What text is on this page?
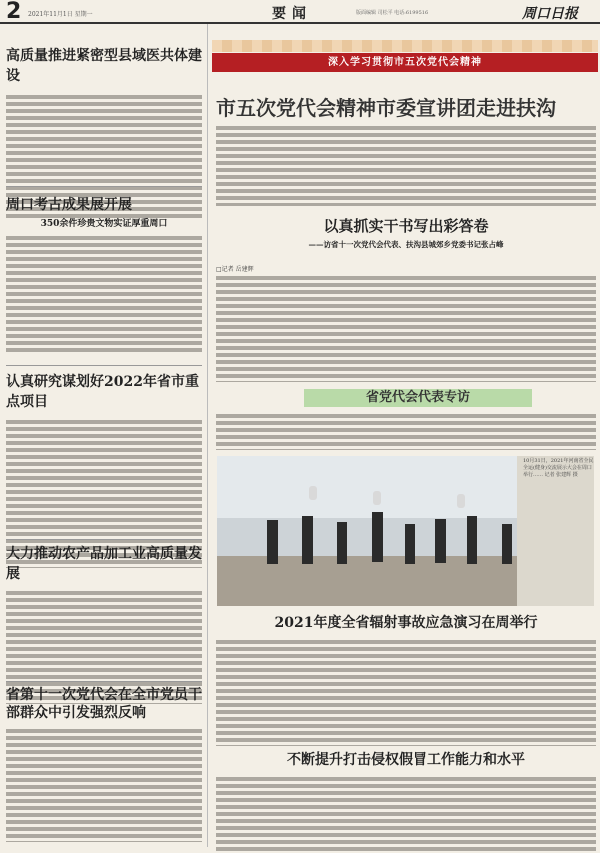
2 2021年11月1日 星期一	要闻	版面编辑 司松平 电话:6199516	周口日报
高质量推进紧密型县域医共体建设
周口考古成果展开展
350余件珍贵文物实证厚重周口
认真研究谋划好2022年省市重点项目
大力推动农产品加工业高质量发展
省第十一次党代会在全市党员干部群众中引发强烈反响
深入学习贯彻市五次党代会精神
市五次党代会精神市委宣讲团走进扶沟
以真抓实干书写出彩答卷
——访省十一次党代会代表、扶沟县城郊乡党委书记张占峰
□记者 岳建辉
省党代会代表专访
10月31日，2021年河南省全民全运(健身)交流展示大会在周口举行…… 记者 张建辉 摄
2021年度全省辐射事故应急演习在周举行
不断提升打击侵权假冒工作能力和水平
